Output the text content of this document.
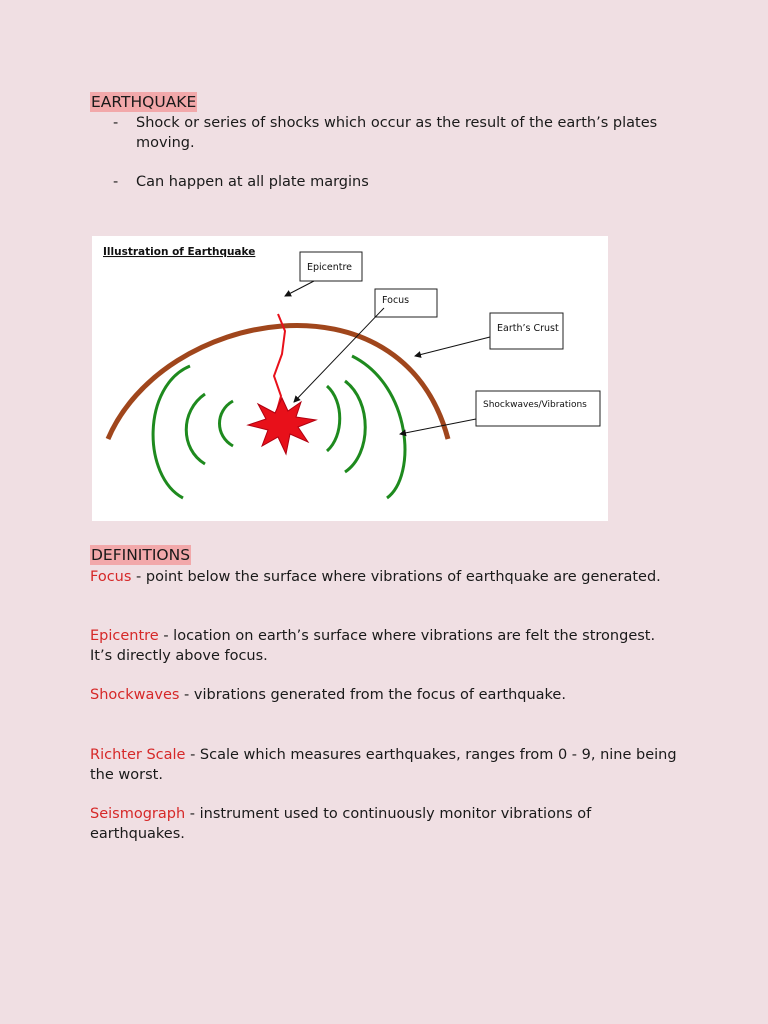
EARTHQUAKE
- Shock or series of shocks which occur as the result of the earth’s plates moving.
- Can happen at all plate margins
Illustration of Earthquake
Epicentre
Focus
Earth’s Crust
Shockwaves/Vibrations
DEFINITIONS
Focus - point below the surface where vibrations of earthquake are generated.
Epicentre - location on earth’s surface where vibrations are felt the strongest. It’s directly above focus.
Shockwaves - vibrations generated from the focus of earthquake.
Richter Scale - Scale which measures earthquakes, ranges from 0 - 9, nine being the worst.
Seismograph - instrument used to continuously monitor vibrations of earthquakes.
